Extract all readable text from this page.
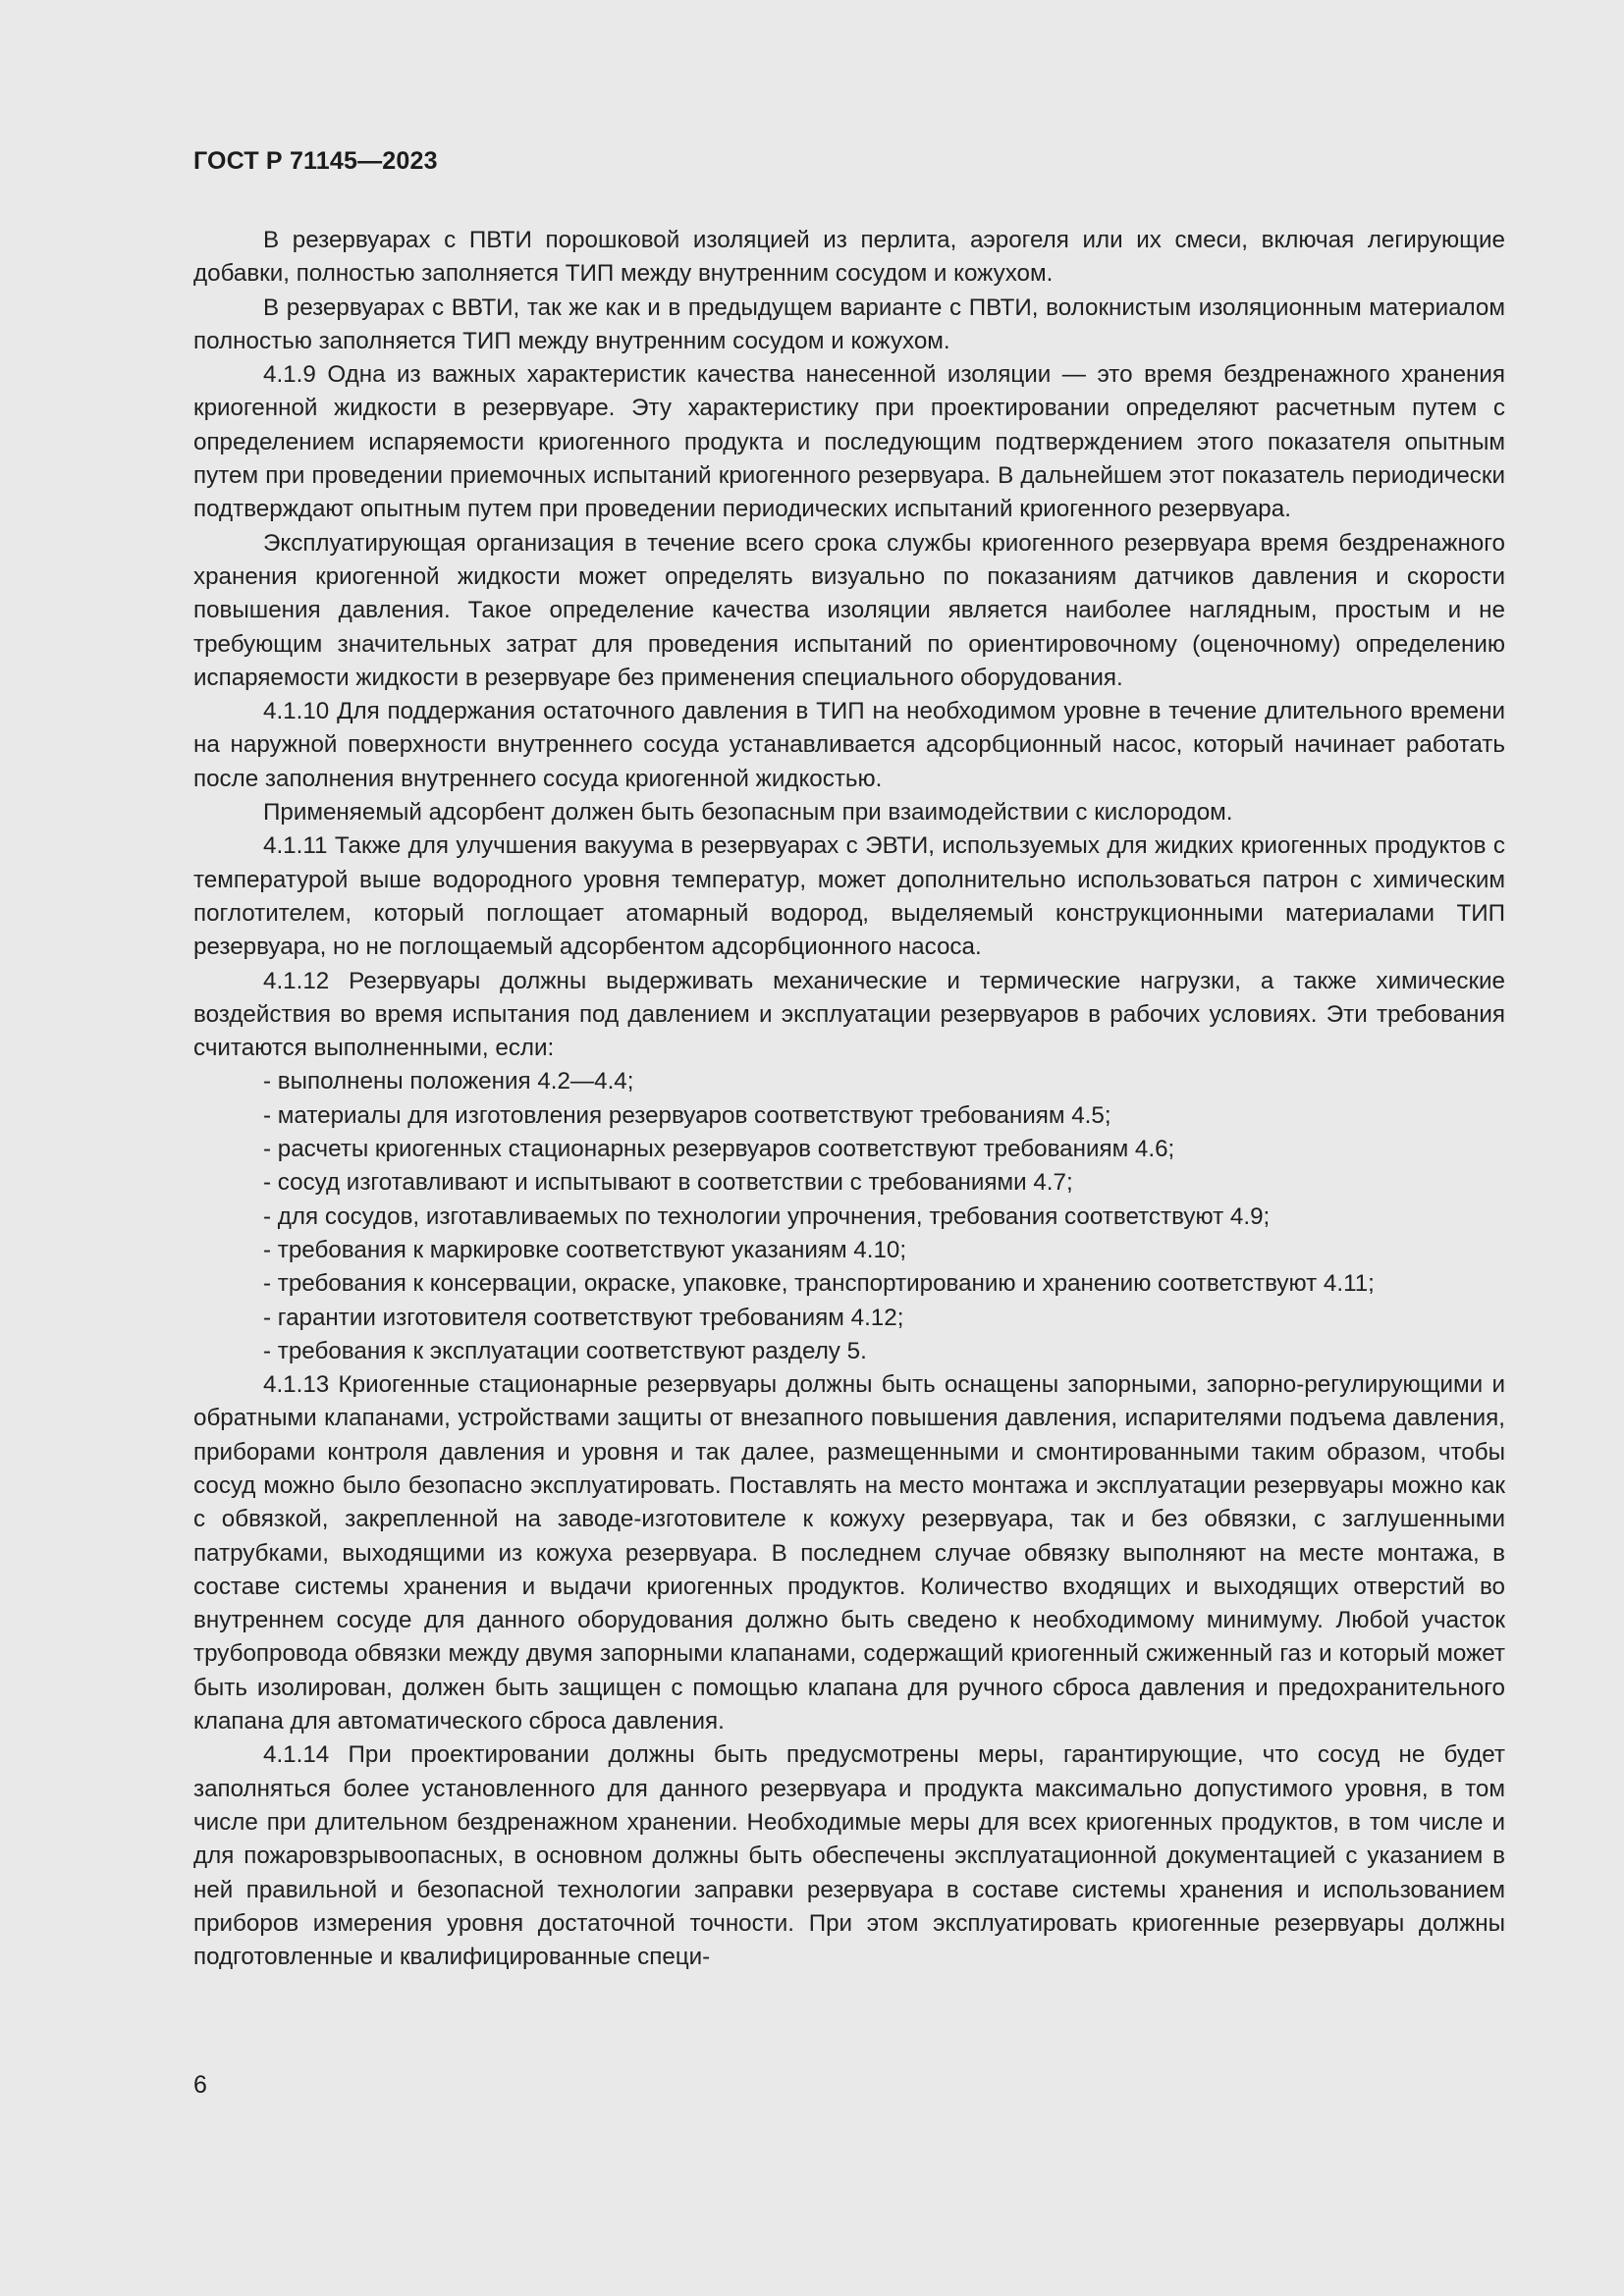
ГОСТ Р 71145—2023

В резервуарах с ПВТИ порошковой изоляцией из перлита, аэрогеля или их смеси, включая легирующие добавки, полностью заполняется ТИП между внутренним сосудом и кожухом.

В резервуарах с ВВТИ, так же как и в предыдущем варианте с ПВТИ, волокнистым изоляционным материалом полностью заполняется ТИП между внутренним сосудом и кожухом.

4.1.9 Одна из важных характеристик качества нанесенной изоляции — это время бездренажного хранения криогенной жидкости в резервуаре. Эту характеристику при проектировании определяют расчетным путем с определением испаряемости криогенного продукта и последующим подтверждением этого показателя опытным путем при проведении приемочных испытаний криогенного резервуара. В дальнейшем этот показатель периодически подтверждают опытным путем при проведении периодических испытаний криогенного резервуара.

Эксплуатирующая организация в течение всего срока службы криогенного резервуара время бездренажного хранения криогенной жидкости может определять визуально по показаниям датчиков давления и скорости повышения давления. Такое определение качества изоляции является наиболее наглядным, простым и не требующим значительных затрат для проведения испытаний по ориентировочному (оценочному) определению испаряемости жидкости в резервуаре без применения специального оборудования.

4.1.10 Для поддержания остаточного давления в ТИП на необходимом уровне в течение длительного времени на наружной поверхности внутреннего сосуда устанавливается адсорбционный насос, который начинает работать после заполнения внутреннего сосуда криогенной жидкостью.

Применяемый адсорбент должен быть безопасным при взаимодействии с кислородом.

4.1.11 Также для улучшения вакуума в резервуарах с ЭВТИ, используемых для жидких криогенных продуктов с температурой выше водородного уровня температур, может дополнительно использоваться патрон с химическим поглотителем, который поглощает атомарный водород, выделяемый конструкционными материалами ТИП резервуара, но не поглощаемый адсорбентом адсорбционного насоса.

4.1.12 Резервуары должны выдерживать механические и термические нагрузки, а также химические воздействия во время испытания под давлением и эксплуатации резервуаров в рабочих условиях. Эти требования считаются выполненными, если:

- выполнены положения 4.2—4.4;

- материалы для изготовления резервуаров соответствуют требованиям 4.5;

- расчеты криогенных стационарных резервуаров соответствуют требованиям 4.6;

- сосуд изготавливают и испытывают в соответствии с требованиями 4.7;

- для сосудов, изготавливаемых по технологии упрочнения, требования соответствуют 4.9;

- требования к маркировке соответствуют указаниям 4.10;

- требования к консервации, окраске, упаковке, транспортированию и хранению соответствуют 4.11;

- гарантии изготовителя соответствуют требованиям 4.12;

- требования к эксплуатации соответствуют разделу 5.

4.1.13 Криогенные стационарные резервуары должны быть оснащены запорными, запорно-регулирующими и обратными клапанами, устройствами защиты от внезапного повышения давления, испарителями подъема давления, приборами контроля давления и уровня и так далее, размещенными и смонтированными таким образом, чтобы сосуд можно было безопасно эксплуатировать. Поставлять на место монтажа и эксплуатации резервуары можно как с обвязкой, закрепленной на заводе-изготовителе к кожуху резервуара, так и без обвязки, с заглушенными патрубками, выходящими из кожуха резервуара. В последнем случае обвязку выполняют на месте монтажа, в составе системы хранения и выдачи криогенных продуктов. Количество входящих и выходящих отверстий во внутреннем сосуде для данного оборудования должно быть сведено к необходимому минимуму. Любой участок трубопровода обвязки между двумя запорными клапанами, содержащий криогенный сжиженный газ и который может быть изолирован, должен быть защищен с помощью клапана для ручного сброса давления и предохранительного клапана для автоматического сброса давления.

4.1.14 При проектировании должны быть предусмотрены меры, гарантирующие, что сосуд не будет заполняться более установленного для данного резервуара и продукта максимально допустимого уровня, в том числе при длительном бездренажном хранении. Необходимые меры для всех криогенных продуктов, в том числе и для пожаровзрывоопасных, в основном должны быть обеспечены эксплуатационной документацией с указанием в ней правильной и безопасной технологии заправки резервуара в составе системы хранения и использованием приборов измерения уровня достаточной точности. При этом эксплуатировать криогенные резервуары должны подготовленные и квалифицированные специ-

6
